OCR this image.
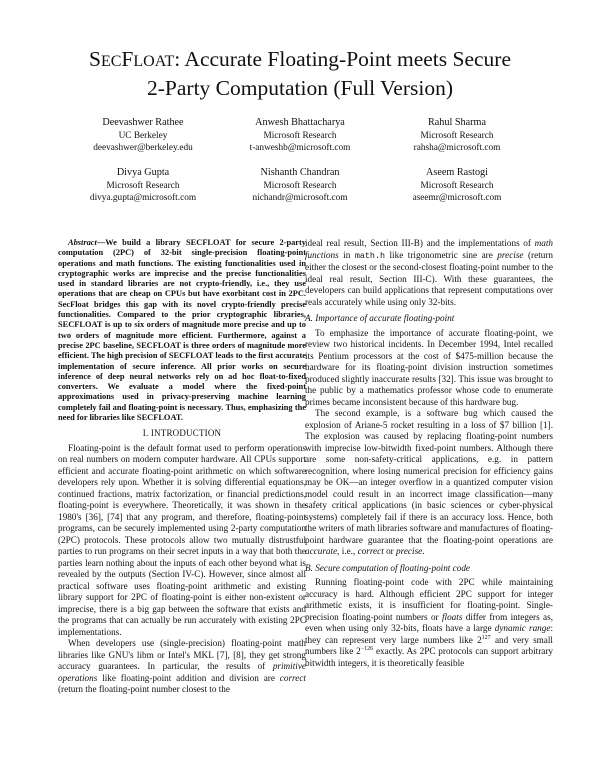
SECFLOAT: Accurate Floating-Point meets Secure
2-Party Computation (Full Version)
Deevashwer Rathee
UC Berkeley
deevashwer@berkeley.edu
Anwesh Bhattacharya
Microsoft Research
t-anweshb@microsoft.com
Rahul Sharma
Microsoft Research
rahsha@microsoft.com
Divya Gupta
Microsoft Research
divya.gupta@microsoft.com
Nishanth Chandran
Microsoft Research
nichandr@microsoft.com
Aseem Rastogi
Microsoft Research
aseemr@microsoft.com

Abstract—We build a library SECFLOAT for secure 2-party computation (2PC) of 32-bit single-precision floating-point operations and math functions. The existing functionalities used in cryptographic works are imprecise and the precise functionalities used in standard libraries are not crypto-friendly, i.e., they use operations that are cheap on CPUs but have exorbitant cost in 2PC. SecFloat bridges this gap with its novel crypto-friendly precise functionalities. Compared to the prior cryptographic libraries, SECFLOAT is up to six orders of magnitude more precise and up to two orders of magnitude more efficient. Furthermore, against a precise 2PC baseline, SECFLOAT is three orders of magnitude more efficient. The high precision of SECFLOAT leads to the first accurate implementation of secure inference. All prior works on secure inference of deep neural networks rely on ad hoc float-to-fixed converters. We evaluate a model where the fixed-point approximations used in privacy-preserving machine learning completely fail and floating-point is necessary. Thus, emphasizing the need for libraries like SECFLOAT.

I. INTRODUCTION

Floating-point is the default format used to perform operations on real numbers on modern computer hardware. All CPUs support efficient and accurate floating-point arithmetic on which software developers rely upon. Whether it is solving differential equations, continued fractions, matrix factorization, or financial predictions, floating-point is everywhere. Theoretically, it was shown in the 1980's [36], [74] that any program, and therefore, floating-point programs, can be securely implemented using 2-party computation (2PC) protocols. These protocols allow two mutually distrustful parties to run programs on their secret inputs in a way that both the parties learn nothing about the inputs of each other beyond what is revealed by the outputs (Section IV-C). However, since almost all practical software uses floating-point arithmetic and existing library support for 2PC of floating-point is either non-existent or imprecise, there is a big gap between the software that exists and the programs that can actually be run accurately with existing 2PC implementations.

When developers use (single-precision) floating-point math libraries like GNU's libm or Intel's MKL [7], [8], they get strong accuracy guarantees. In particular, the results of primitive operations like floating-point addition and division are correct (return the floating-point number closest to the

ideal real result, Section III-B) and the implementations of math functions in math.h like trigonometric sine are precise (return either the closest or the second-closest floating-point number to the ideal real result, Section III-C). With these guarantees, the developers can build applications that represent computations over reals accurately while using only 32-bits.

A. Importance of accurate floating-point

To emphasize the importance of accurate floating-point, we review two historical incidents. In December 1994, Intel recalled its Pentium processors at the cost of $475-million because the hardware for its floating-point division instruction sometimes produced slightly inaccurate results [32]. This issue was brought to the public by a mathematics professor whose code to enumerate primes became inconsistent because of this hardware bug.

The second example, is a software bug which caused the explosion of Ariane-5 rocket resulting in a loss of $7 billion [1]. The explosion was caused by replacing floating-point numbers with imprecise low-bitwidth fixed-point numbers. Although there are some non-safety-critical applications, e.g. in pattern recognition, where losing numerical precision for efficiency gains may be OK—an integer overflow in a quantized computer vision model could result in an incorrect image classification—many safety critical applications (in basic sciences or cyber-physical systems) completely fail if there is an accuracy loss. Hence, both the writers of math libraries software and manufactures of floating-point hardware guarantee that the floating-point operations are accurate, i.e., correct or precise.

B. Secure computation of floating-point code

Running floating-point code with 2PC while maintaining accuracy is hard. Although efficient 2PC support for integer arithmetic exists, it is insufficient for floating-point. Single-precision floating-point numbers or floats differ from integers as, even when using only 32-bits, floats have a large dynamic range: they can represent very large numbers like $2^{127}$ and very small numbers like $2^{-126}$ exactly. As 2PC protocols can support arbitrary bitwidth integers, it is theoretically feasible
